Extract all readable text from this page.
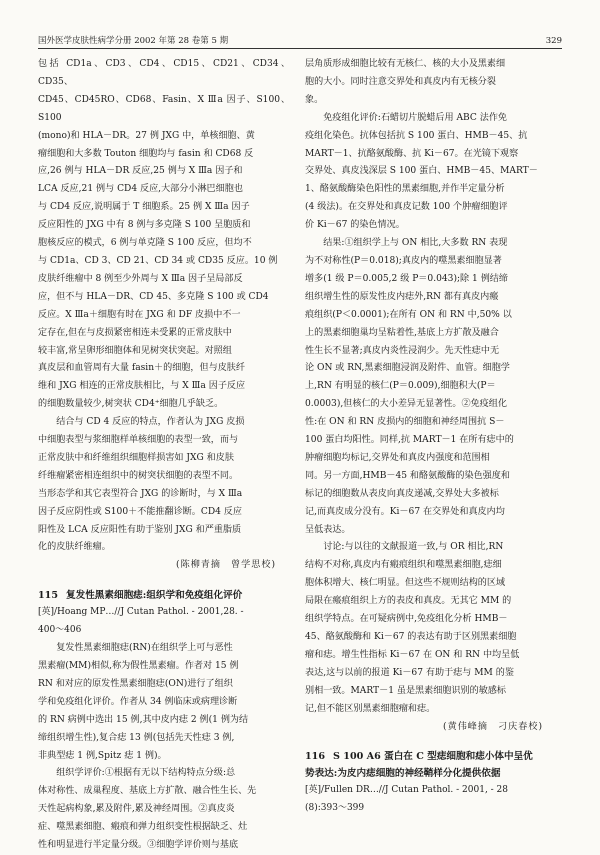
国外医学皮肤性病学分册 2002 年第 28 卷第 5 期	329

包括 CD1a、CD3、CD4、CD15、CD21、CD34、CD35、

CD45、CD45RO、CD68、Fasin、X Ⅲa 因子、S100、S100

(mono)和 HLA－DR。27 例 JXG 中，单核细胞、黄

瘤细胞和大多数 Touton 细胞均与 fasin 和 CD68 反

应,26 例与 HLA－DR 反应,25 例与 X Ⅲa 因子和

LCA 反应,21 例与 CD4 反应,大部分小淋巴细胞也

与 CD4 反应,说明属于 T 细胞系。25 例 X Ⅲa 因子

反应阳性的 JXG 中有 8 例与多克隆 S 100 呈胞质和

胞核反应的模式，6 例与单克隆 S 100 反应，但均不

与 CD1a、CD 3、CD 21、CD 34 或 CD35 反应。10 例

皮肤纤维瘤中 8 例至少外周与 X Ⅲa 因子呈局部反

应，但不与 HLA－DR、CD 45、多克隆 S 100 或 CD4

反应。X Ⅲa＋细胞有时在 JXG 和 DF 皮损中不一

定存在,但在与皮损紧密相连未受累的正常皮肤中

较丰富,常呈卵形细胞体和见树突状突起。对照组

真皮层和血管周有大量 fasin＋的细胞，但与皮肤纤

维和 JXG 相连的正常皮肤相比，与 X Ⅲa 因子反应

的细胞数量较少,树突状 CD4⁺细胞几乎缺乏。

结合与 CD 4 反应的特点，作者认为 JXG 皮损

中细胞表型与浆细胞样单核细胞的表型一致，而与

正常皮肤中和纤维组织细胞样损害如 JXG 和皮肤

纤维瘤紧密相连组织中的树突状细胞的表型不同。

当形态学和其它表型符合 JXG 的诊断时，与 X Ⅲa

因子反应阴性或 S100＋不能推翻诊断。CD4 反应

阳性及 LCA 反应阳性有助于鉴别 JXG 和严重脂质

化的皮肤纤维瘤。

(陈柳青摘　曾学思校)

115 复发性黑素细胞痣:组织学和免疫组化评价

[英]/Hoang MP…//J Cutan Pathol. - 2001,28. -

400～406

复发性黑素细胞痣(RN)在组织学上可与恶性

黑素瘤(MM)相似,称为假性黑素瘤。作者对 15 例

RN 和对应的原发性黑素细胞痣(ON)进行了组织

学和免疫组化评价。作者从 34 例临床或病理诊断

的 RN 病例中选出 15 例,其中皮内痣 2 例(1 例为结

缔组织增生性),复合痣 13 例(包括先天性痣 3 例,

非典型痣 1 例,Spitz 痣 1 例)。

组织学评价:①根据有无以下结构特点分级:总

体对称性、成巢程度、基底上方扩散、融合性生长、先

天性起病构象,累及附件,累及神经周围。②真皮炎

症、噬黑素细胞、瘢痕和弹力组织变性根据缺乏、灶

性和明显进行半定量分级。③细胞学评价则与基底

层角质形成细胞比较有无核仁、核的大小及黑素细

胞的大小。同时注意交界处和真皮内有无核分裂

象。

免疫组化评价:石蜡切片脱蜡后用 ABC 法作免

疫组化染色。抗体包括抗 S 100 蛋白、HMB－45、抗

MART－1、抗酪氨酸酶、抗 Ki－67。在光镜下观察

交界处、真皮浅深层 S 100 蛋白、HMB－45、MART－

1、酪氨酸酶染色阳性的黑素细胞,并作半定量分析

(4 级法)。在交界处和真皮记数 100 个肿瘤细胞评

价 Ki－67 的染色情况。

结果:①组织学上与 ON 相比,大多数 RN 表现

为不对称性(P＝0.018);真皮内的噬黑素细胞显著

增多(1 级 P＝0.005,2 级 P＝0.043);除 1 例结缔

组织增生性的原发性皮内痣外,RN 都有真皮内瘢

痕组织(P＜0.0001);在所有 ON 和 RN 中,50% 以

上的黑素细胞巢均呈粘着性,基底上方扩散及融合

性生长不显著;真皮内炎性浸润少。先天性痣中无

论 ON 或 RN,黑素细胞浸润及附件、血管。细胞学

上,RN 有明显的核仁(P＝0.009),细胞积大(P＝

0.0003),但核仁的大小差异无显著性。②免疫组化

性:在 ON 和 RN 皮损内的细胞和神经周围抗 S－

100 蛋白均阳性。同样,抗 MART－1 在所有痣中的

肿瘤细胞均标记,交界处和真皮内强度和范围相

同。另一方面,HMB－45 和酪氨酸酶的染色强度和

标记的细胞数从表皮向真皮递减,交界处大多被标

记,而真皮成分没有。Ki－67 在交界处和真皮内均

呈低表达。

讨论:与以往的文献报道一致,与 OR 相比,RN

结构不对称,真皮内有瘢痕组织和噬黑素细胞,痣细

胞体积增大、核仁明显。但这些不规则结构的区域

局限在瘢痕组织上方的表皮和真皮。无其它 MM 的

组织学特点。在可疑病例中,免疫组化分析 HMB－

45、酪氨酸酶和 Ki－67 的表达有助于区别黑素细胞

瘤和痣。增生性指标 Ki－67 在 ON 和 RN 中均呈低

表达,这与以前的报道 Ki－67 有助于痣与 MM 的鉴

别相一致。MART－1 虽是黑素细胞识别的敏感标

记,但不能区别黑素细胞瘤和痣。

(黄伟峰摘　刁庆春校)

116 S 100 A6 蛋白在 C 型痣细胞和痣小体中呈优

势表达:为皮内痣细胞的神经鞘样分化提供依据

[英]/Fullen DR…//J Cutan Pathol. - 2001, - 28

(8):393～399
